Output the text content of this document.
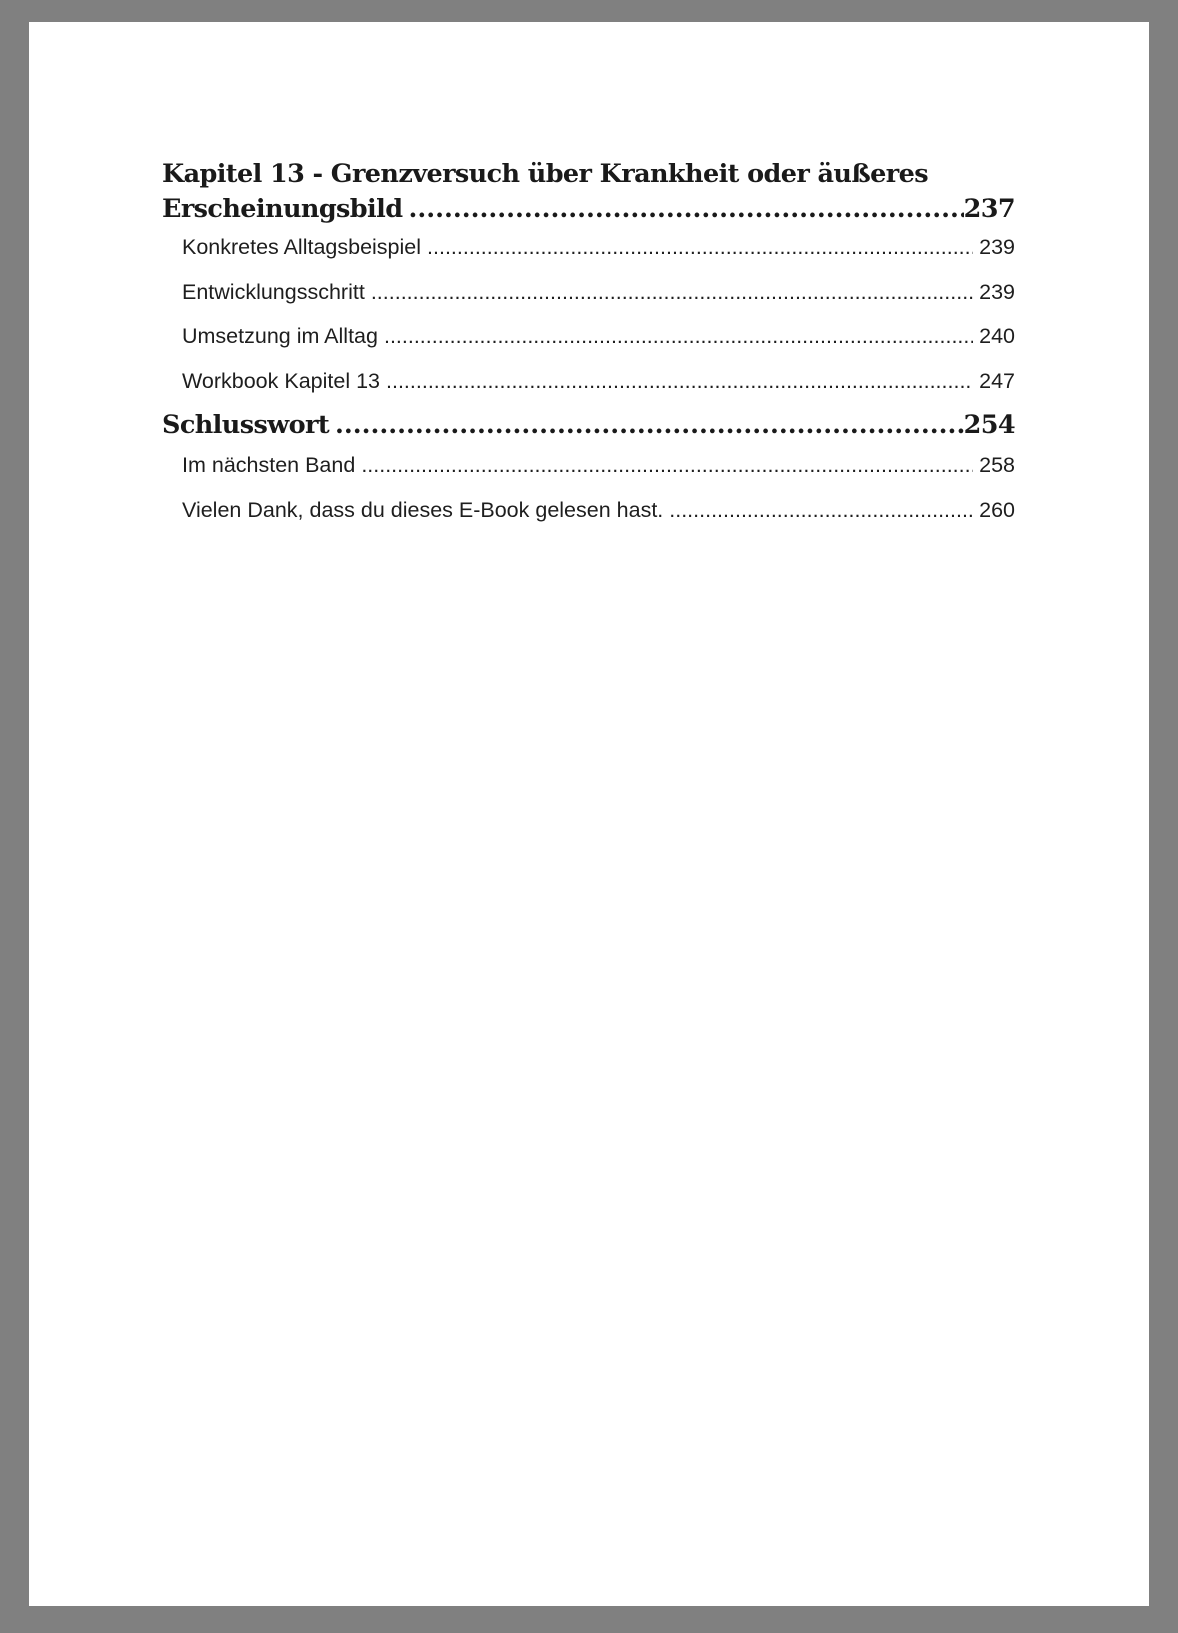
Kapitel 13 - Grenzversuch über Krankheit oder äußeres
Erscheinungsbild .....	237
Konkretes Alltagsbeispiel .....	239
Entwicklungsschritt .....	239
Umsetzung im Alltag .....	240
Workbook Kapitel 13 .....	247
Schlusswort .....	254
Im nächsten Band .....	258
Vielen Dank, dass du dieses E-Book gelesen hast. .....	260
